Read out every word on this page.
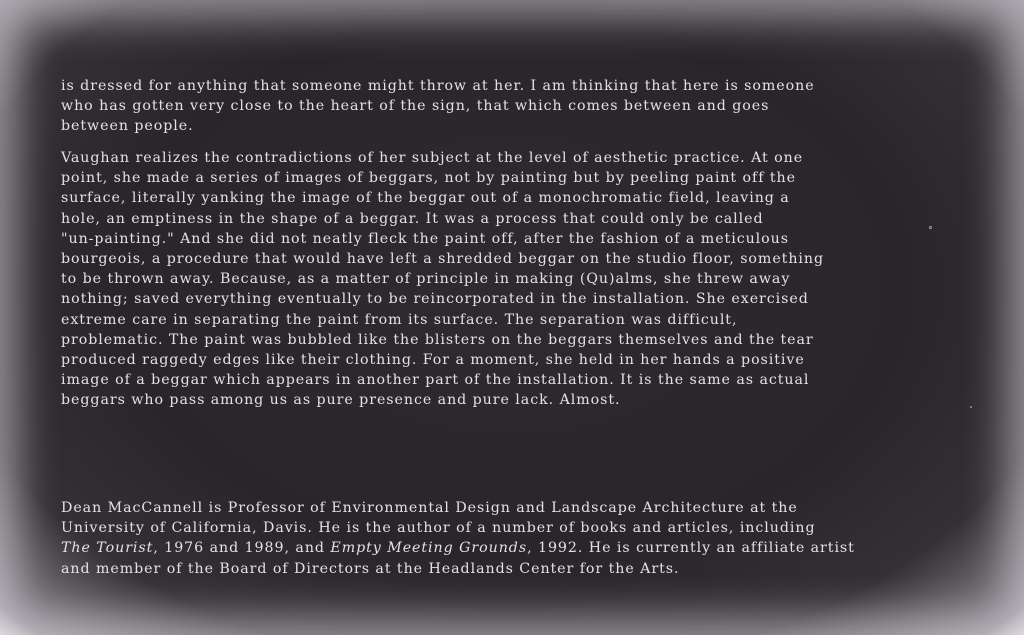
is dressed for anything that someone might throw at her. I am thinking that here is someone
who has gotten very close to the heart of the sign, that which comes between and goes
between people.
Vaughan realizes the contradictions of her subject at the level of aesthetic practice. At one
point, she made a series of images of beggars, not by painting but by peeling paint off the
surface, literally yanking the image of the beggar out of a monochromatic field, leaving a
hole, an emptiness in the shape of a beggar. It was a process that could only be called
"un-painting." And she did not neatly fleck the paint off, after the fashion of a meticulous
bourgeois, a procedure that would have left a shredded beggar on the studio floor, something
to be thrown away. Because, as a matter of principle in making (Qu)alms, she threw away
nothing; saved everything eventually to be reincorporated in the installation. She exercised
extreme care in separating the paint from its surface. The separation was difficult,
problematic. The paint was bubbled like the blisters on the beggars themselves and the tear
produced raggedy edges like their clothing. For a moment, she held in her hands a positive
image of a beggar which appears in another part of the installation. It is the same as actual
beggars who pass among us as pure presence and pure lack. Almost.
Dean MacCannell is Professor of Environmental Design and Landscape Architecture at the
University of California, Davis. He is the author of a number of books and articles, including
The Tourist, 1976 and 1989, and Empty Meeting Grounds, 1992. He is currently an affiliate artist
and member of the Board of Directors at the Headlands Center for the Arts.
